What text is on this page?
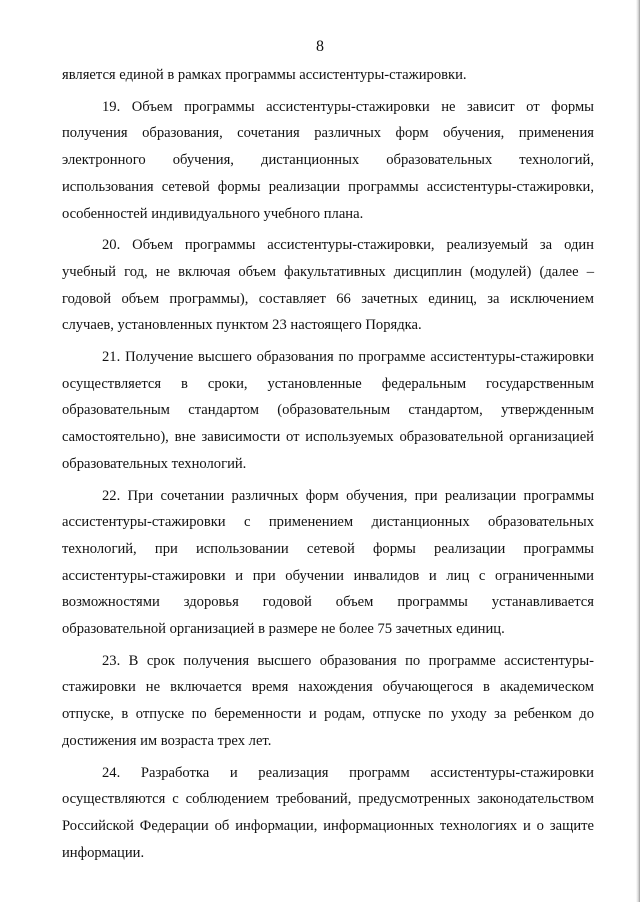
8

является единой в рамках программы ассистентуры-стажировки.

19. Объем программы ассистентуры-стажировки не зависит от формы получения образования, сочетания различных форм обучения, применения электронного обучения, дистанционных образовательных технологий, использования сетевой формы реализации программы ассистентуры-стажировки, особенностей индивидуального учебного плана.

20. Объем программы ассистентуры-стажировки, реализуемый за один учебный год, не включая объем факультативных дисциплин (модулей) (далее – годовой объем программы), составляет 66 зачетных единиц, за исключением случаев, установленных пунктом 23 настоящего Порядка.

21. Получение высшего образования по программе ассистентуры-стажировки осуществляется в сроки, установленные федеральным государственным образовательным стандартом (образовательным стандартом, утвержденным самостоятельно), вне зависимости от используемых образовательной организацией образовательных технологий.

22. При сочетании различных форм обучения, при реализации программы ассистентуры-стажировки с применением дистанционных образовательных технологий, при использовании сетевой формы реализации программы ассистентуры-стажировки и при обучении инвалидов и лиц с ограниченными возможностями здоровья годовой объем программы устанавливается образовательной организацией в размере не более 75 зачетных единиц.

23. В срок получения высшего образования по программе ассистентуры-стажировки не включается время нахождения обучающегося в академическом отпуске, в отпуске по беременности и родам, отпуске по уходу за ребенком до достижения им возраста трех лет.

24. Разработка и реализация программ ассистентуры-стажировки осуществляются с соблюдением требований, предусмотренных законодательством Российской Федерации об информации, информационных технологиях и о защите информации.
